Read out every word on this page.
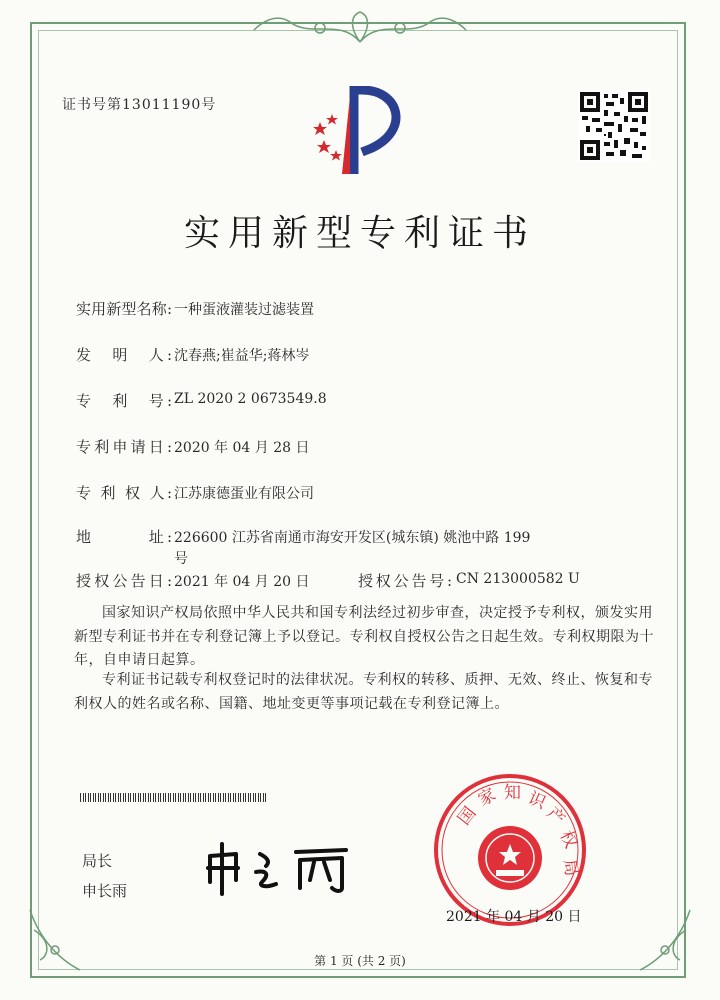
证书号第13011190号
实用新型专利证书
实用新型名称: 一种蛋液灌装过滤装置
发　明　人: 沈春燕;崔益华;蒋林岑
专　利　号: ZL 2020 2 0673549.8
专利申请日: 2020 年 04 月 28 日
专 利 权 人: 江苏康德蛋业有限公司
地　　　址: 226600 江苏省南通市海安开发区(城东镇) 姚池中路 199
号
授权公告日: 2021 年 04 月 20 日	授权公告号: CN 213000582 U
国家知识产权局依照中华人民共和国专利法经过初步审查，决定授予专利权，颁发实用新型专利证书并在专利登记簿上予以登记。专利权自授权公告之日起生效。专利权期限为十年，自申请日起算。
专利证书记载专利权登记时的法律状况。专利权的转移、质押、无效、终止、恢复和专利权人的姓名或名称、国籍、地址变更等事项记载在专利登记簿上。
局长
申长雨
国
家 知 识
产
权
局
2021 年 04 月 20 日
第 1 页 (共 2 页)
